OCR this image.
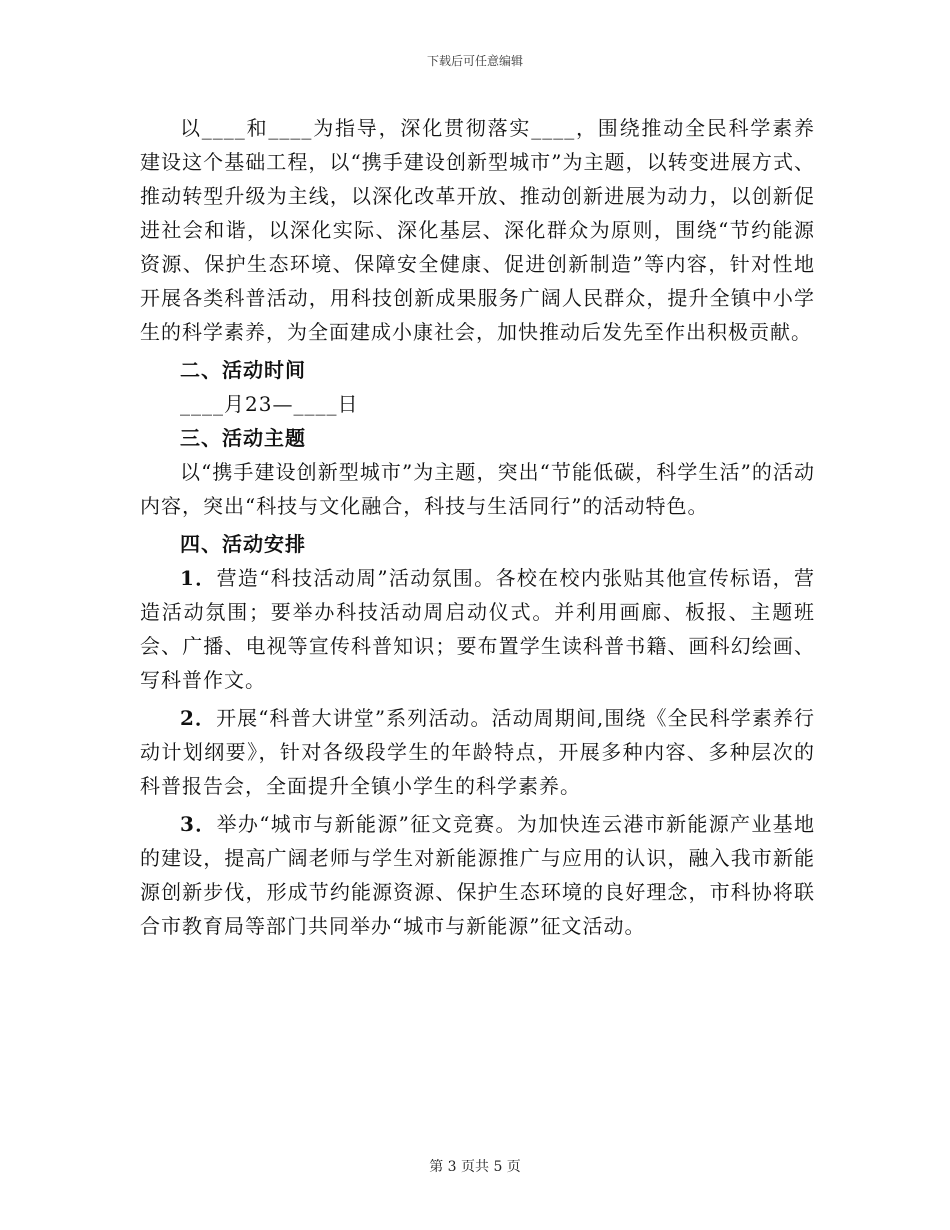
下载后可任意编辑

以____和____为指导，深化贯彻落实____，围绕推动全民科学素养建设这个基础工程，以“携手建设创新型城市”为主题，以转变进展方式、推动转型升级为主线，以深化改革开放、推动创新进展为动力，以创新促进社会和谐，以深化实际、深化基层、深化群众为原则，围绕“节约能源资源、保护生态环境、保障安全健康、促进创新制造”等内容，针对性地开展各类科普活动，用科技创新成果服务广阔人民群众，提升全镇中小学生的科学素养，为全面建成小康社会，加快推动后发先至作出积极贡献。

二、活动时间

____月23—____日

三、活动主题

以“携手建设创新型城市”为主题，突出“节能低碳，科学生活”的活动内容，突出“科技与文化融合，科技与生活同行”的活动特色。

四、活动安排

1．营造“科技活动周”活动氛围。各校在校内张贴其他宣传标语，营造活动氛围；要举办科技活动周启动仪式。并利用画廊、板报、主题班会、广播、电视等宣传科普知识；要布置学生读科普书籍、画科幻绘画、写科普作文。

2．开展“科普大讲堂”系列活动。活动周期间,围绕《全民科学素养行动计划纲要》，针对各级段学生的年龄特点，开展多种内容、多种层次的科普报告会，全面提升全镇小学生的科学素养。

3．举办“城市与新能源”征文竞赛。为加快连云港市新能源产业基地的建设，提高广阔老师与学生对新能源推广与应用的认识，融入我市新能源创新步伐，形成节约能源资源、保护生态环境的良好理念，市科协将联合市教育局等部门共同举办“城市与新能源”征文活动。

第 3 页共 5 页
